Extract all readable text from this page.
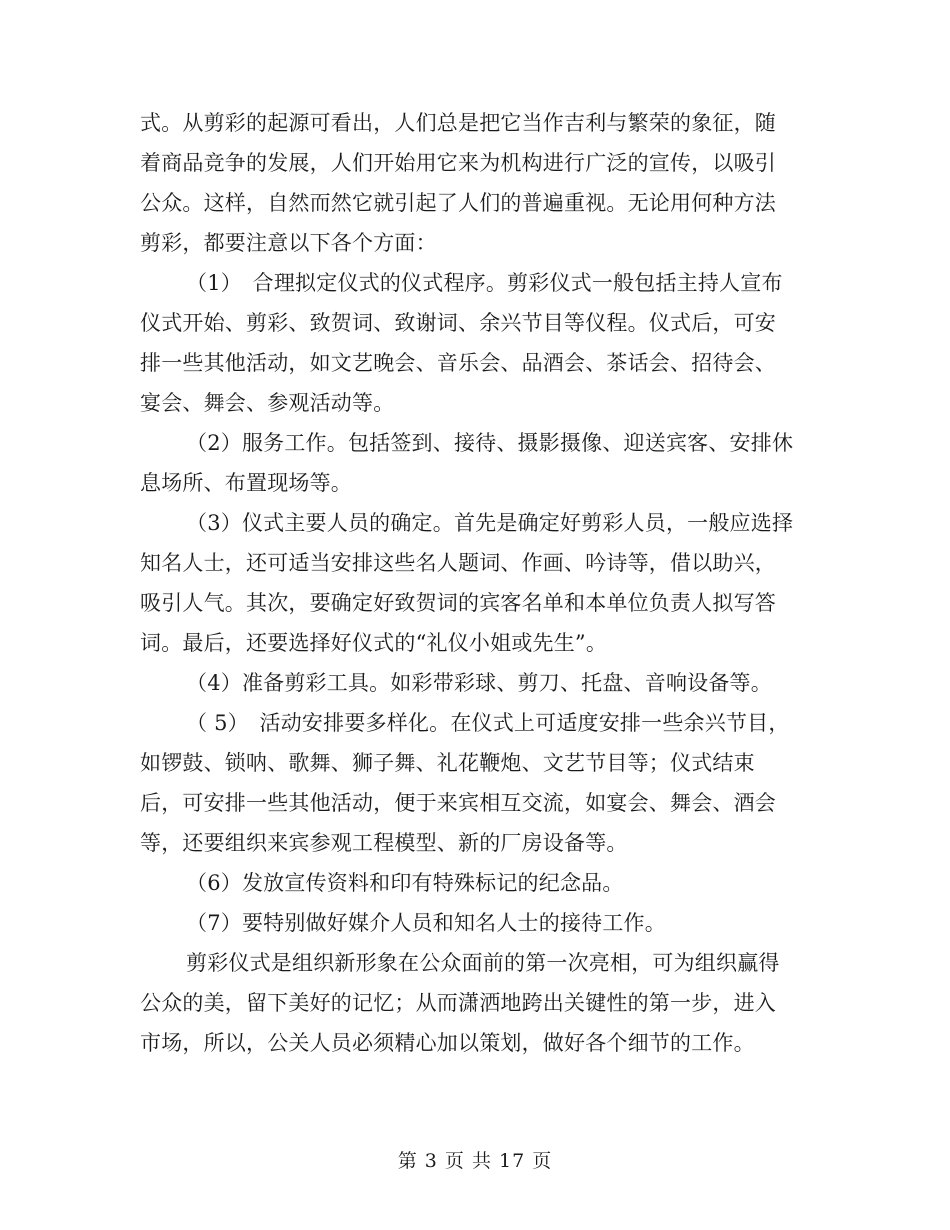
式。从剪彩的起源可看出，人们总是把它当作吉利与繁荣的象征，随
着商品竞争的发展，人们开始用它来为机构进行广泛的宣传，以吸引
公众。这样，自然而然它就引起了人们的普遍重视。无论用何种方法
剪彩，都要注意以下各个方面：
（1）　合理拟定仪式的仪式程序。剪彩仪式一般包括主持人宣布
仪式开始、剪彩、致贺词、致谢词、余兴节目等仪程。仪式后，可安
排一些其他活动，如文艺晚会、音乐会、品酒会、茶话会、招待会、
宴会、舞会、参观活动等。
（2）服务工作。包括签到、接待、摄影摄像、迎送宾客、安排休
息场所、布置现场等。
（3）仪式主要人员的确定。首先是确定好剪彩人员，一般应选择
知名人士，还可适当安排这些名人题词、作画、吟诗等，借以助兴，
吸引人气。其次，要确定好致贺词的宾客名单和本单位负责人拟写答
词。最后，还要选择好仪式的“礼仪小姐或先生”。
（4）准备剪彩工具。如彩带彩球、剪刀、托盘、音响设备等。
（ 5）　活动安排要多样化。在仪式上可适度安排一些余兴节目，
如锣鼓、锁呐、歌舞、狮子舞、礼花鞭炮、文艺节目等；仪式结束
后，可安排一些其他活动，便于来宾相互交流，如宴会、舞会、酒会
等，还要组织来宾参观工程模型、新的厂房设备等。
（6）发放宣传资料和印有特殊标记的纪念品。
（7）要特别做好媒介人员和知名人士的接待工作。
剪彩仪式是组织新形象在公众面前的第一次亮相，可为组织赢得
公众的美，留下美好的记忆；从而潇洒地跨出关键性的第一步，进入
市场，所以，公关人员必须精心加以策划，做好各个细节的工作。
第 3 页 共 17 页
